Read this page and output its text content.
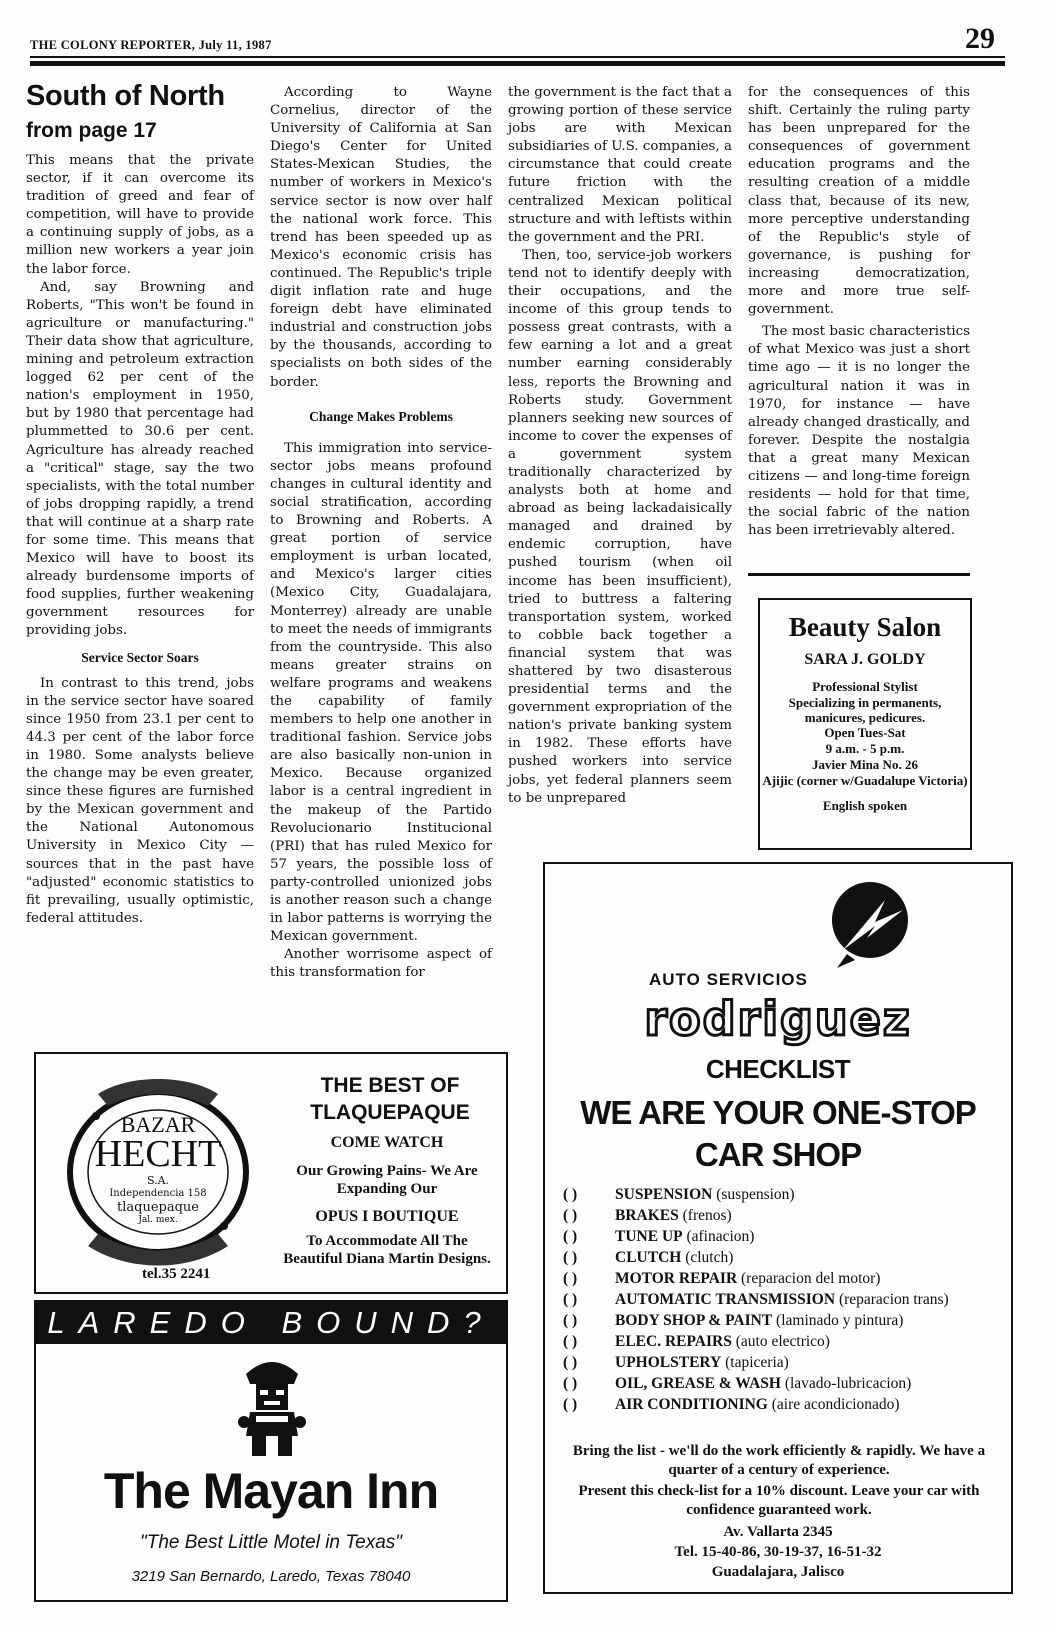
THE COLONY REPORTER, July 11, 1987	29
South of North
from page 17

This means that the private sector, if it can overcome its tradition of greed and fear of competition, will have to provide a continuing supply of jobs, as a million new workers a year join the labor force.

And, say Browning and Roberts, "This won't be found in agriculture or manufacturing." Their data show that agriculture, mining and petroleum extraction logged 62 per cent of the nation's employment in 1950, but by 1980 that percentage had plummetted to 30.6 per cent. Agriculture has already reached a "critical" stage, say the two specialists, with the total number of jobs dropping rapidly, a trend that will continue at a sharp rate for some time. This means that Mexico will have to boost its already burdensome imports of food supplies, further weakening government resources for providing jobs.

Service Sector Soars

In contrast to this trend, jobs in the service sector have soared since 1950 from 23.1 per cent to 44.3 per cent of the labor force in 1980. Some analysts believe the change may be even greater, since these figures are furnished by the Mexican government and the National Autonomous University in Mexico City — sources that in the past have "adjusted" economic statistics to fit prevailing, usually optimistic, federal attitudes.

According to Wayne Cornelius, director of the University of California at San Diego's Center for United States-Mexican Studies, the number of workers in Mexico's service sector is now over half the national work force. This trend has been speeded up as Mexico's economic crisis has continued. The Republic's triple digit inflation rate and huge foreign debt have eliminated industrial and construction jobs by the thousands, according to specialists on both sides of the border.

Change Makes Problems

This immigration into service-sector jobs means profound changes in cultural identity and social stratification, according to Browning and Roberts. A great portion of service employment is urban located, and Mexico's larger cities (Mexico City, Guadalajara, Monterrey) already are unable to meet the needs of immigrants from the countryside. This also means greater strains on welfare programs and weakens the capability of family members to help one another in traditional fashion. Service jobs are also basically non-union in Mexico. Because organized labor is a central ingredient in the makeup of the Partido Revolucionario Institucional (PRI) that has ruled Mexico for 57 years, the possible loss of party-controlled unionized jobs is another reason such a change in labor patterns is worrying the Mexican government.

Another worrisome aspect of this transformation for

the government is the fact that a growing portion of these service jobs are with Mexican subsidiaries of U.S. companies, a circumstance that could create future friction with the centralized Mexican political structure and with leftists within the government and the PRI.

Then, too, service-job workers tend not to identify deeply with their occupations, and the income of this group tends to possess great contrasts, with a few earning a lot and a great number earning considerably less, reports the Browning and Roberts study. Government planners seeking new sources of income to cover the expenses of a government system traditionally characterized by analysts both at home and abroad as being lackadaisically managed and drained by endemic corruption, have pushed tourism (when oil income has been insufficient), tried to buttress a faltering transportation system, worked to cobble back together a financial system that was shattered by two disasterous presidential terms and the government expropriation of the nation's private banking system in 1982. These efforts have pushed workers into service jobs, yet federal planners seem to be unprepared

for the consequences of this shift. Certainly the ruling party has been unprepared for the consequences of government education programs and the resulting creation of a middle class that, because of its new, more perceptive understanding of the Republic's style of governance, is pushing for increasing democratization, more and more true self-government.

The most basic characteristics of what Mexico was just a short time ago — it is no longer the agricultural nation it was in 1970, for instance — have already changed drastically, and forever. Despite the nostalgia that a great many Mexican citizens — and long-time foreign residents — hold for that time, the social fabric of the nation has been irretrievably altered.

Beauty Salon
SARA J. GOLDY
Professional Stylist
Specializing in permanents, manicures, pedicures.
Open Tues-Sat
9 a.m. - 5 p.m.
Javier Mina No. 26
Ajijic (corner w/Guadalupe Victoria)
English spoken
BAZAR
HECHT
S.A.
Independencia 158
tlaquepaque
Jal. mex.
tel.35 2241
THE BEST OF TLAQUEPAQUE
COME WATCH
Our Growing Pains- We Are Expanding Our
OPUS I BOUTIQUE
To Accommodate All The Beautiful Diana Martin Designs.
LAREDO BOUND?
The Mayan Inn
"The Best Little Motel in Texas"
3219 San Bernardo, Laredo, Texas 78040
AUTO SERVICIOS
rodriguez
CHECKLIST
WE ARE YOUR ONE-STOP CAR SHOP
( )	SUSPENSION (suspension)
( )	BRAKES (frenos)
( )	TUNE UP (afinacion)
( )	CLUTCH (clutch)
( )	MOTOR REPAIR (reparacion del motor)
( )	AUTOMATIC TRANSMISSION (reparacion trans)
( )	BODY SHOP & PAINT (laminado y pintura)
( )	ELEC. REPAIRS (auto electrico)
( )	UPHOLSTERY (tapiceria)
( )	OIL, GREASE & WASH (lavado-lubricacion)
( )	AIR CONDITIONING (aire acondicionado)
Bring the list - we'll do the work efficiently & rapidly. We have a quarter of a century of experience.
Present this check-list for a 10% discount. Leave your car with confidence guaranteed work.
Av. Vallarta 2345
Tel. 15-40-86, 30-19-37, 16-51-32
Guadalajara, Jalisco
